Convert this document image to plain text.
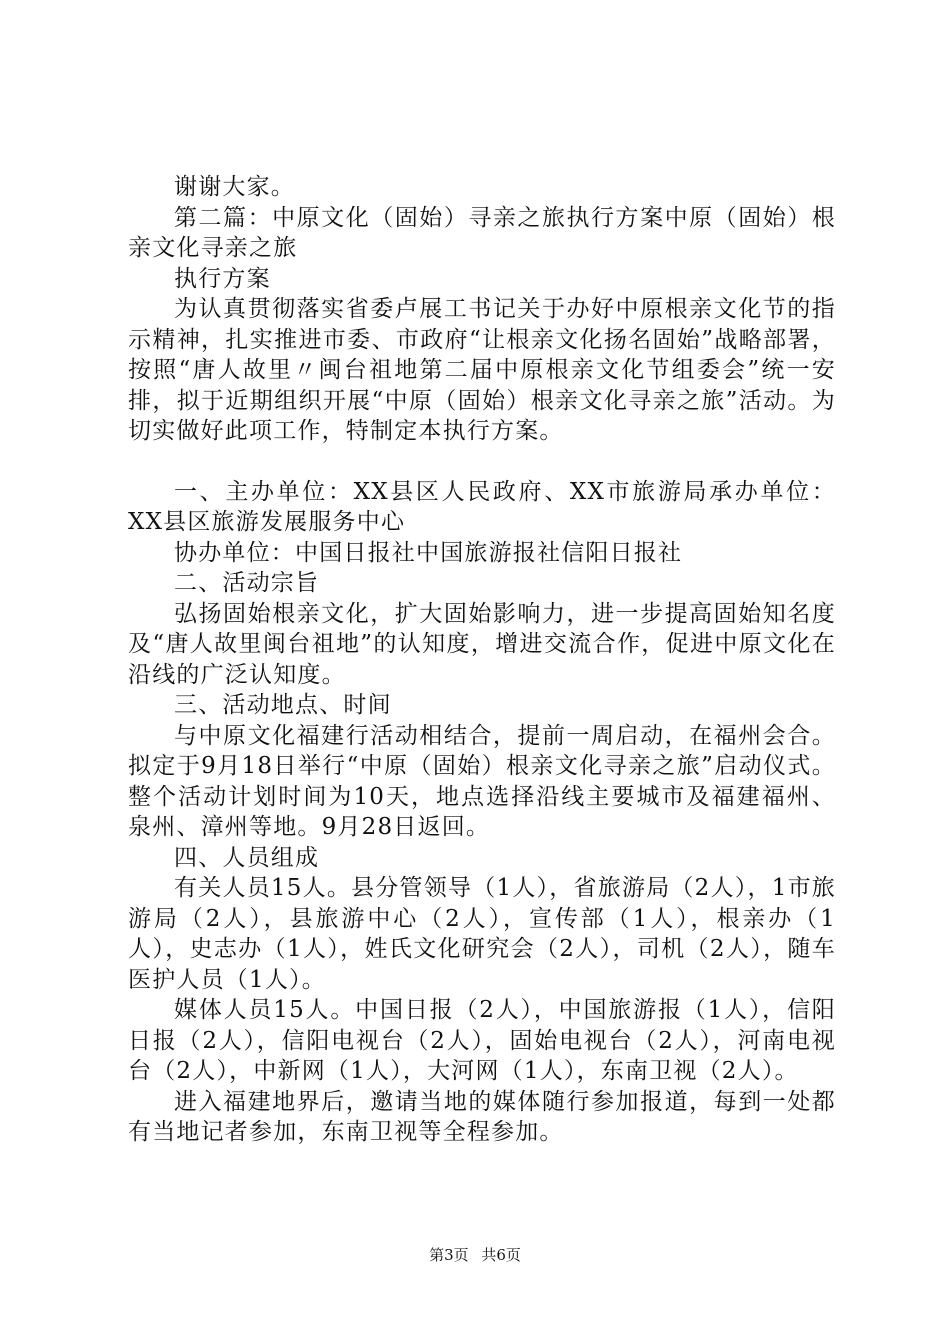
谢谢大家。

第二篇：中原文化（固始）寻亲之旅执行方案中原（固始）根亲文化寻亲之旅

执行方案

为认真贯彻落实省委卢展工书记关于办好中原根亲文化节的指示精神，扎实推进市委、市政府“让根亲文化扬名固始”战略部署，按照“唐人故里〃闽台祖地第二届中原根亲文化节组委会”统一安排，拟于近期组织开展“中原（固始）根亲文化寻亲之旅”活动。为切实做好此项工作，特制定本执行方案。

一、主办单位：XX县区人民政府、XX市旅游局承办单位：XX县区旅游发展服务中心

协办单位：中国日报社中国旅游报社信阳日报社

二、活动宗旨

弘扬固始根亲文化，扩大固始影响力，进一步提高固始知名度及“唐人故里闽台祖地”的认知度，增进交流合作，促进中原文化在沿线的广泛认知度。

三、活动地点、时间

与中原文化福建行活动相结合，提前一周启动，在福州会合。拟定于9月18日举行“中原（固始）根亲文化寻亲之旅”启动仪式。整个活动计划时间为10天，地点选择沿线主要城市及福建福州、泉州、漳州等地。9月28日返回。

四、人员组成

有关人员15人。县分管领导（1人），省旅游局（2人），1市旅游局（2人），县旅游中心（2人），宣传部（1人），根亲办（1人），史志办（1人），姓氏文化研究会（2人），司机（2人），随车医护人员（1人）。

媒体人员15人。中国日报（2人），中国旅游报（1人），信阳日报（2人），信阳电视台（2人），固始电视台（2人），河南电视台（2人），中新网（1人），大河网（1人），东南卫视（2人）。

进入福建地界后，邀请当地的媒体随行参加报道，每到一处都有当地记者参加，东南卫视等全程参加。

第3页 共6页
